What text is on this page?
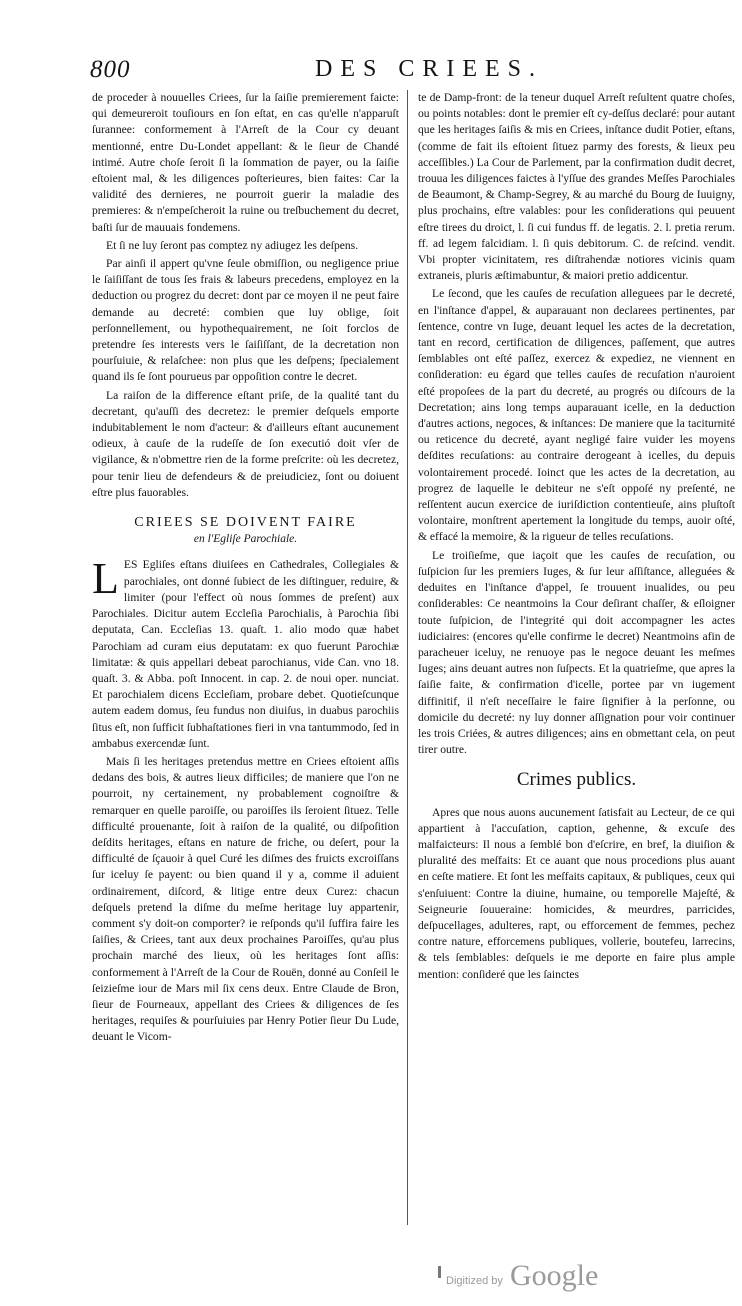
800	DES CRIEES.

de proceder à nouuelles Criees, ſur la ſaiſie premierement faicte: qui demeureroit touſiours en ſon eſtat, en cas qu'elle n'apparuſt ſurannee: conformement à l'Arreſt de la Cour cy deuant mentionné, entre Du-Londet appellant: & le ſieur de Chandé intimé. Autre choſe ſeroit ſi la ſommation de payer, ou la ſaiſie eſtoient mal, & les diligences poſterieures, bien faites: Car la validité des dernieres, ne pourroit guerir la maladie des premieres: & n'empeſcheroit la ruine ou treſbuchement du decret, baſti ſur de mauuais fondemens.

Et ſi ne luy ſeront pas comptez ny adiugez les deſpens.

Par ainſi il appert qu'vne ſeule obmiſſion, ou negligence priue le ſaiſiſſant de tous ſes frais & labeurs precedens, employez en la deduction ou progrez du decret: dont par ce moyen il ne peut faire demande au decreté: combien que luy oblige, ſoit perſonnellement, ou hypothequairement, ne ſoit forclos de pretendre ſes interests vers le ſaiſiſſant, de la decretation non pourſuiuie, & relaſchee: non plus que les deſpens; ſpecialement quand ils ſe ſont pourueus par oppoſition contre le decret.

La raiſon de la difference eſtant priſe, de la qualité tant du decretant, qu'auſſi des decretez: le premier deſquels emporte indubitablement le nom d'acteur: & d'ailleurs eſtant aucunement odieux, à cauſe de la rudeſſe de ſon executió doit vſer de vigilance, & n'obmettre rien de la forme preſcrite: où les decretez, pour tenir lieu de defendeurs & de preiudiciez, ſont ou doiuent eſtre plus fauorables.

CRIEES SE DOIVENT FAIRE

en l'Egliſe Parochiale.

L ES Egliſes eſtans diuiſees en Cathedrales, Collegiales & parochiales, ont donné ſubiect de les diſtinguer, reduire, & limiter (pour l'effect où nous ſommes de preſent) aux Parochiales. Dicitur autem Eccleſia Parochialis, à Parochia ſibi deputata, Can. Eccleſias 13. quaſt. 1. alio modo quæ habet Parochiam ad curam eius deputatam: ex quo fuerunt Parochiæ limitatæ: & quis appellari debeat parochianus, vide Can. vno 18. quaſt. 3. & Abba. poſt Innocent. in cap. 2. de noui oper. nunciat. Et parochialem dicens Eccleſiam, probare debet. Quotieſcunque autem eadem domus, ſeu fundus non diuiſus, in duabus parochiis ſitus eſt, non ſufficit ſubhaſtationes fieri in vna tantummodo, ſed in ambabus exercendæ ſunt.

Mais ſi les heritages pretendus mettre en Criees eſtoient aſſis dedans des bois, & autres lieux difficiles; de maniere que l'on ne pourroit, ny certainement, ny probablement cognoiſtre & remarquer en quelle paroiſſe, ou paroiſſes ils ſeroient ſituez. Telle difficulté prouenante, ſoit à raiſon de la qualité, ou diſpoſition deſdits heritages, eſtans en nature de friche, ou deſert, pour la difficulté de ſçauoir à quel Curé les diſmes des fruicts excroiſſans ſur iceluy ſe payent: ou bien quand il y a, comme il aduient ordinairement, diſcord, & litige entre deux Curez: chacun deſquels pretend la diſme du meſme heritage luy appartenir, comment s'y doit-on comporter? ie reſponds qu'il ſuffira faire les ſaiſies, & Criees, tant aux deux prochaines Paroiſſes, qu'au plus prochain marché des lieux, où les heritages ſont aſſis: conformement à l'Arreſt de la Cour de Rouën, donné au Conſeil le ſeizieſme iour de Mars mil ſix cens deux. Entre Claude de Bron, ſieur de Fourneaux, appellant des Criees & diligences de ſes heritages, requiſes & pourſuiuies par Henry Potier ſieur Du Lude, deuant le Vicom-

te de Damp-front: de la teneur duquel Arreſt reſultent quatre choſes, ou points notables: dont le premier eſt cy-deſſus declaré: pour autant que les heritages ſaiſis & mis en Criees, inſtance dudit Potier, eſtans, (comme de fait ils eſtoient ſituez parmy des forests, & lieux peu acceſſibles.) La Cour de Parlement, par la confirmation dudit decret, trouua les diligences faictes à l'yſſue des grandes Meſſes Parochiales de Beaumont, & Champ-Segrey, & au marché du Bourg de Iuuigny, plus prochains, eſtre valables: pour les conſiderations qui peuuent eſtre tirees du droict, l. ſi cui fundus ff. de legatis. 2. l. pretia rerum. ff. ad legem falcidiam. l. ſi quis debitorum. C. de reſcind. vendit. Vbi propter vicinitatem, res diſtrahendæ notiores vicinis quam extraneis, pluris æſtimabuntur, & maiori pretio addicentur.

Le ſecond, que les cauſes de recuſation alleguees par le decreté, en l'inſtance d'appel, & auparauant non declarees pertinentes, par ſentence, contre vn Iuge, deuant lequel les actes de la decretation, tant en record, certification de diligences, paſſement, que autres ſemblables ont eſté paſſez, exercez & expediez, ne viennent en conſideration: eu égard que telles cauſes de recuſation n'auroient eſté propoſees de la part du decreté, au progrés ou diſcours de la Decretation; ains long temps auparauant icelle, en la deduction d'autres actions, negoces, & inſtances: De maniere que la taciturnité ou reticence du decreté, ayant negligé faire vuider les moyens deſdites recuſations: au contraire derogeant à icelles, du depuis volontairement procedé. Ioinct que les actes de la decretation, au progrez de laquelle le debiteur ne s'eſt oppoſé ny preſenté, ne reſſentent aucun exercice de iuriſdiction contentieuſe, ains pluſtoſt volontaire, monſtrent apertement la longitude du temps, auoir oſté, & effacé la memoire, & la rigueur de telles recuſations.

Le troiſieſme, que iaçoit que les cauſes de recuſation, ou ſuſpicion ſur les premiers Iuges, & ſur leur aſſiſtance, alleguées & deduites en l'inſtance d'appel, ſe trouuent inualides, ou peu conſiderables: Ce neantmoins la Cour deſirant chaſſer, & eſloigner toute ſuſpicion, de l'integrité qui doit accompagner les actes iudiciaires: (encores qu'elle confirme le decret) Neantmoins afin de paracheuer iceluy, ne renuoye pas le negoce deuant les meſmes Iuges; ains deuant autres non ſuſpects. Et la quatrieſme, que apres la ſaiſie faite, & confirmation d'icelle, portee par vn iugement diffinitif, il n'eſt neceſſaire le faire ſignifier à la perſonne, ou domicile du decreté: ny luy donner aſſignation pour voir continuer les trois Criées, & autres diligences; ains en obmettant cela, on peut tirer outre.

Crimes publics.

Apres que nous auons aucunement ſatisfait au Lecteur, de ce qui appartient à l'accuſation, caption, gehenne, & excuſe des malfaicteurs: Il nous a ſemblé bon d'eſcrire, en bref, la diuiſion & pluralité des meſfaits: Et ce auant que nous procedions plus auant en ceſte matiere. Et ſont les meſfaits capitaux, & publiques, ceux qui s'enſuiuent: Contre la diuine, humaine, ou temporelle Majeſté, & Seigneurie ſouueraine: homicides, & meurdres, parricides, deſpucellages, adulteres, rapt, ou efforcement de femmes, pechez contre nature, efforcemens publiques, vollerie, boutefeu, larrecins, & tels ſemblables: deſquels ie me deporte en faire plus ample mention: conſideré que les ſainctes

Digitized by Google
